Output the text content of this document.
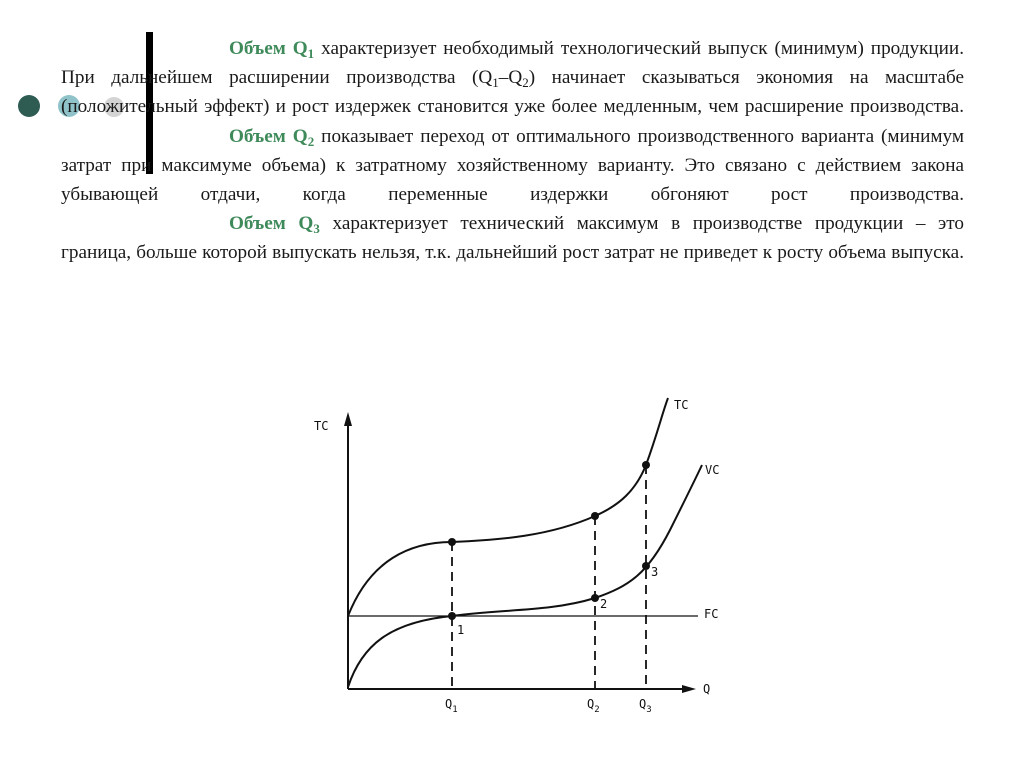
Объем $Q_1$ характеризует необходимый технологический выпуск (минимум) продукции. При дальнейшем расширении производства $(Q_1-Q_2)$ начинает сказываться экономия на масштабе (положительный эффект) и рост издержек становится уже более медленным, чем расширение производства.

Объем $Q_2$ показывает переход от оптимального производственного варианта (минимум затрат при максимуме объема) к затратному хозяйственному варианту. Это связано с действием закона убывающей отдачи, когда переменные издержки обгоняют рост производства.

Объем $Q_3$ характеризует технический максимум в производстве продукции – это граница, больше которой выпускать нельзя, т.к. дальнейший рост затрат не приведет к росту объема выпуска.

TC
Q
TC
VC
FC
1
2
3
$Q_1$	$Q_2$	$Q_3$
